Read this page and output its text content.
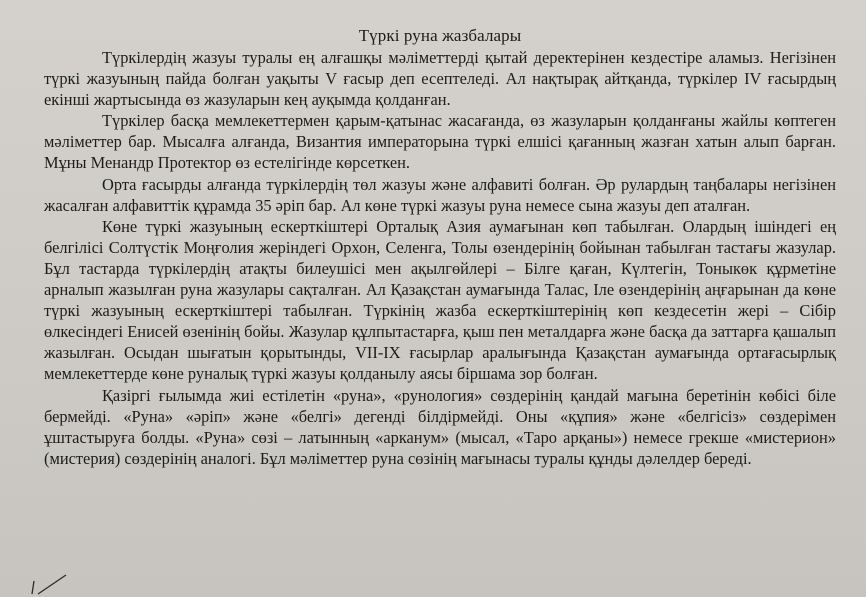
Түркі руна жазбалары

Түркілердің жазуы туралы ең алғашқы мәліметтерді қытай деректерінен кездестіре аламыз. Негізінен түркі жазуының пайда болған уақыты V ғасыр деп есептеледі. Ал нақтырақ айтқанда, түркілер IV ғасырдың екінші жартысында өз жазуларын кең ауқымда қолданған.

Түркілер басқа мемлекеттермен қарым-қатынас жасағанда, өз жазуларын қолданғаны жайлы көптеген мәліметтер бар. Мысалға алғанда, Византия императорына түркі елшісі қағанның жазған хатын алып барған. Мұны Менандр Протектор өз естелігінде көрсеткен.

Орта ғасырды алғанда түркілердің төл жазуы және алфавиті болған. Әр рулардың таңбалары негізінен жасалған алфавиттік құрамда 35 әріп бар. Ал көне түркі жазуы руна немесе сына жазуы деп аталған.

Көне түркі жазуының ескерткіштері Орталық Азия аумағынан көп табылған. Олардың ішіндегі ең белгілісі Солтүстік Моңғолия жеріндегі Орхон, Селенга, Толы өзендерінің бойынан табылған тастағы жазулар. Бұл тастарда түркілердің атақты билеушісі мен ақылгөйлері – Білге қаған, Күлтегін, Тоныкөк құрметіне арналып жазылған руна жазулары сақталған. Ал Қазақстан аумағында Талас, Іле өзендерінің аңғарынан да көне түркі жазуының ескерткіштері табылған. Түркінің жазба ескерткіштерінің көп кездесетін жері – Сібір өлкесіндегі Енисей өзенінің бойы. Жазулар құлпытастарға, қыш пен металдарға және басқа да заттарға қашалып жазылған. Осыдан шығатын қорытынды, VII-IX ғасырлар аралығында Қазақстан аумағында ортағасырлық мемлекеттерде көне руналық түркі жазуы қолданылу аясы біршама зор болған.

Қазіргі ғылымда жиі естілетін «руна», «рунология» сөздерінің қандай мағына беретінін көбісі біле бермейді. «Руна» «әріп» және «белгі» дегенді білдірмейді. Оны «құпия» және «белгісіз» сөздерімен ұштастыруға болды. «Руна» сөзі – латынның «арканум» (мысал, «Таро арқаны») немесе грекше «мистерион» (мистерия) сөздерінің аналогі. Бұл мәліметтер руна сөзінің мағынасы туралы құнды дәлелдер береді.
